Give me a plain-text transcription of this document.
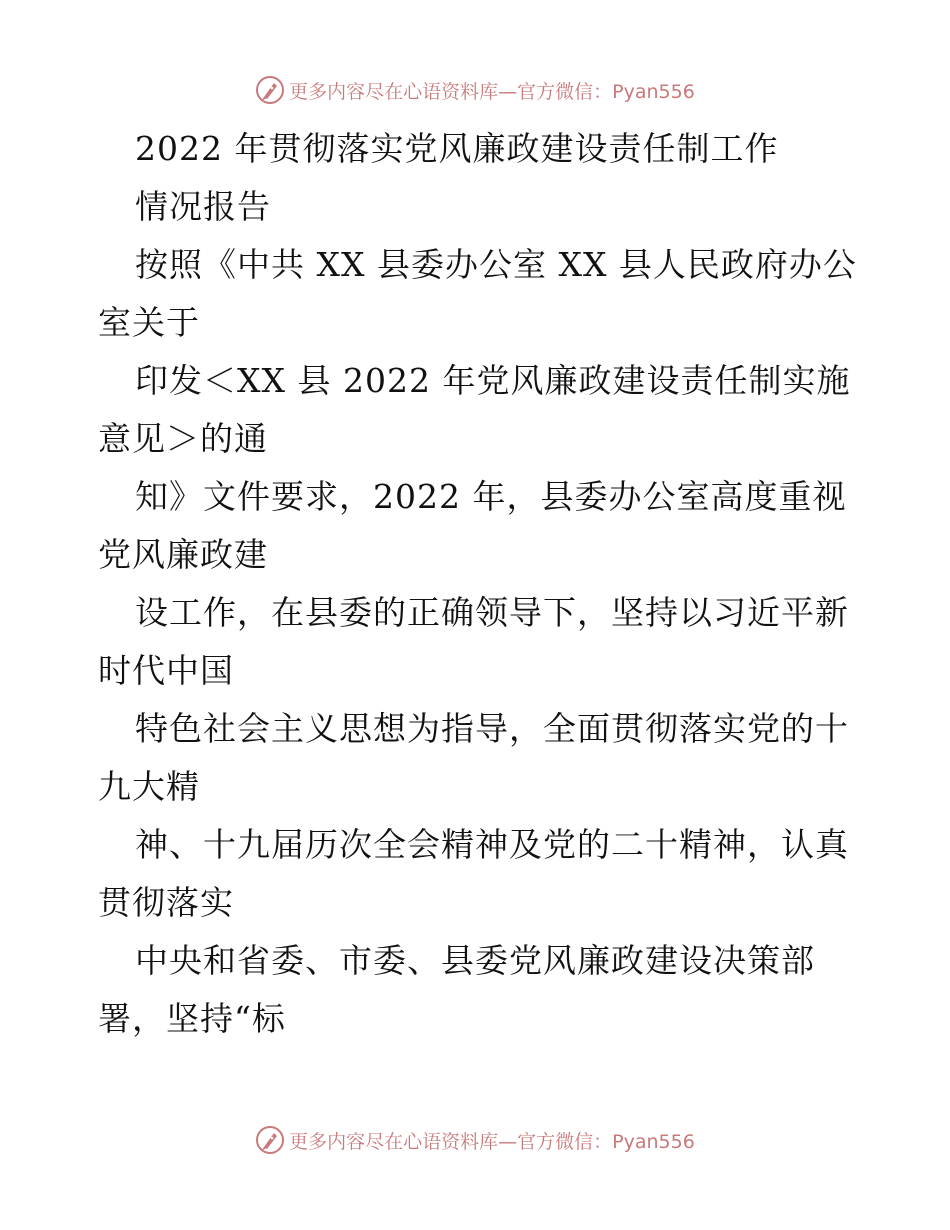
更多内容尽在心语资料库—官方微信：Pyan556
2022 年贯彻落实党风廉政建设责任制工作
情况报告
按照《中共 XX 县委办公室 XX 县人民政府办公
室关于
印发＜XX 县 2022 年党风廉政建设责任制实施
意见＞的通
知》文件要求，2022 年，县委办公室高度重视
党风廉政建
设工作，在县委的正确领导下，坚持以习近平新
时代中国
特色社会主义思想为指导，全面贯彻落实党的十
九大精
神、十九届历次全会精神及党的二十精神，认真
贯彻落实
中央和省委、市委、县委党风廉政建设决策部
署，坚持“标
更多内容尽在心语资料库—官方微信：Pyan556
